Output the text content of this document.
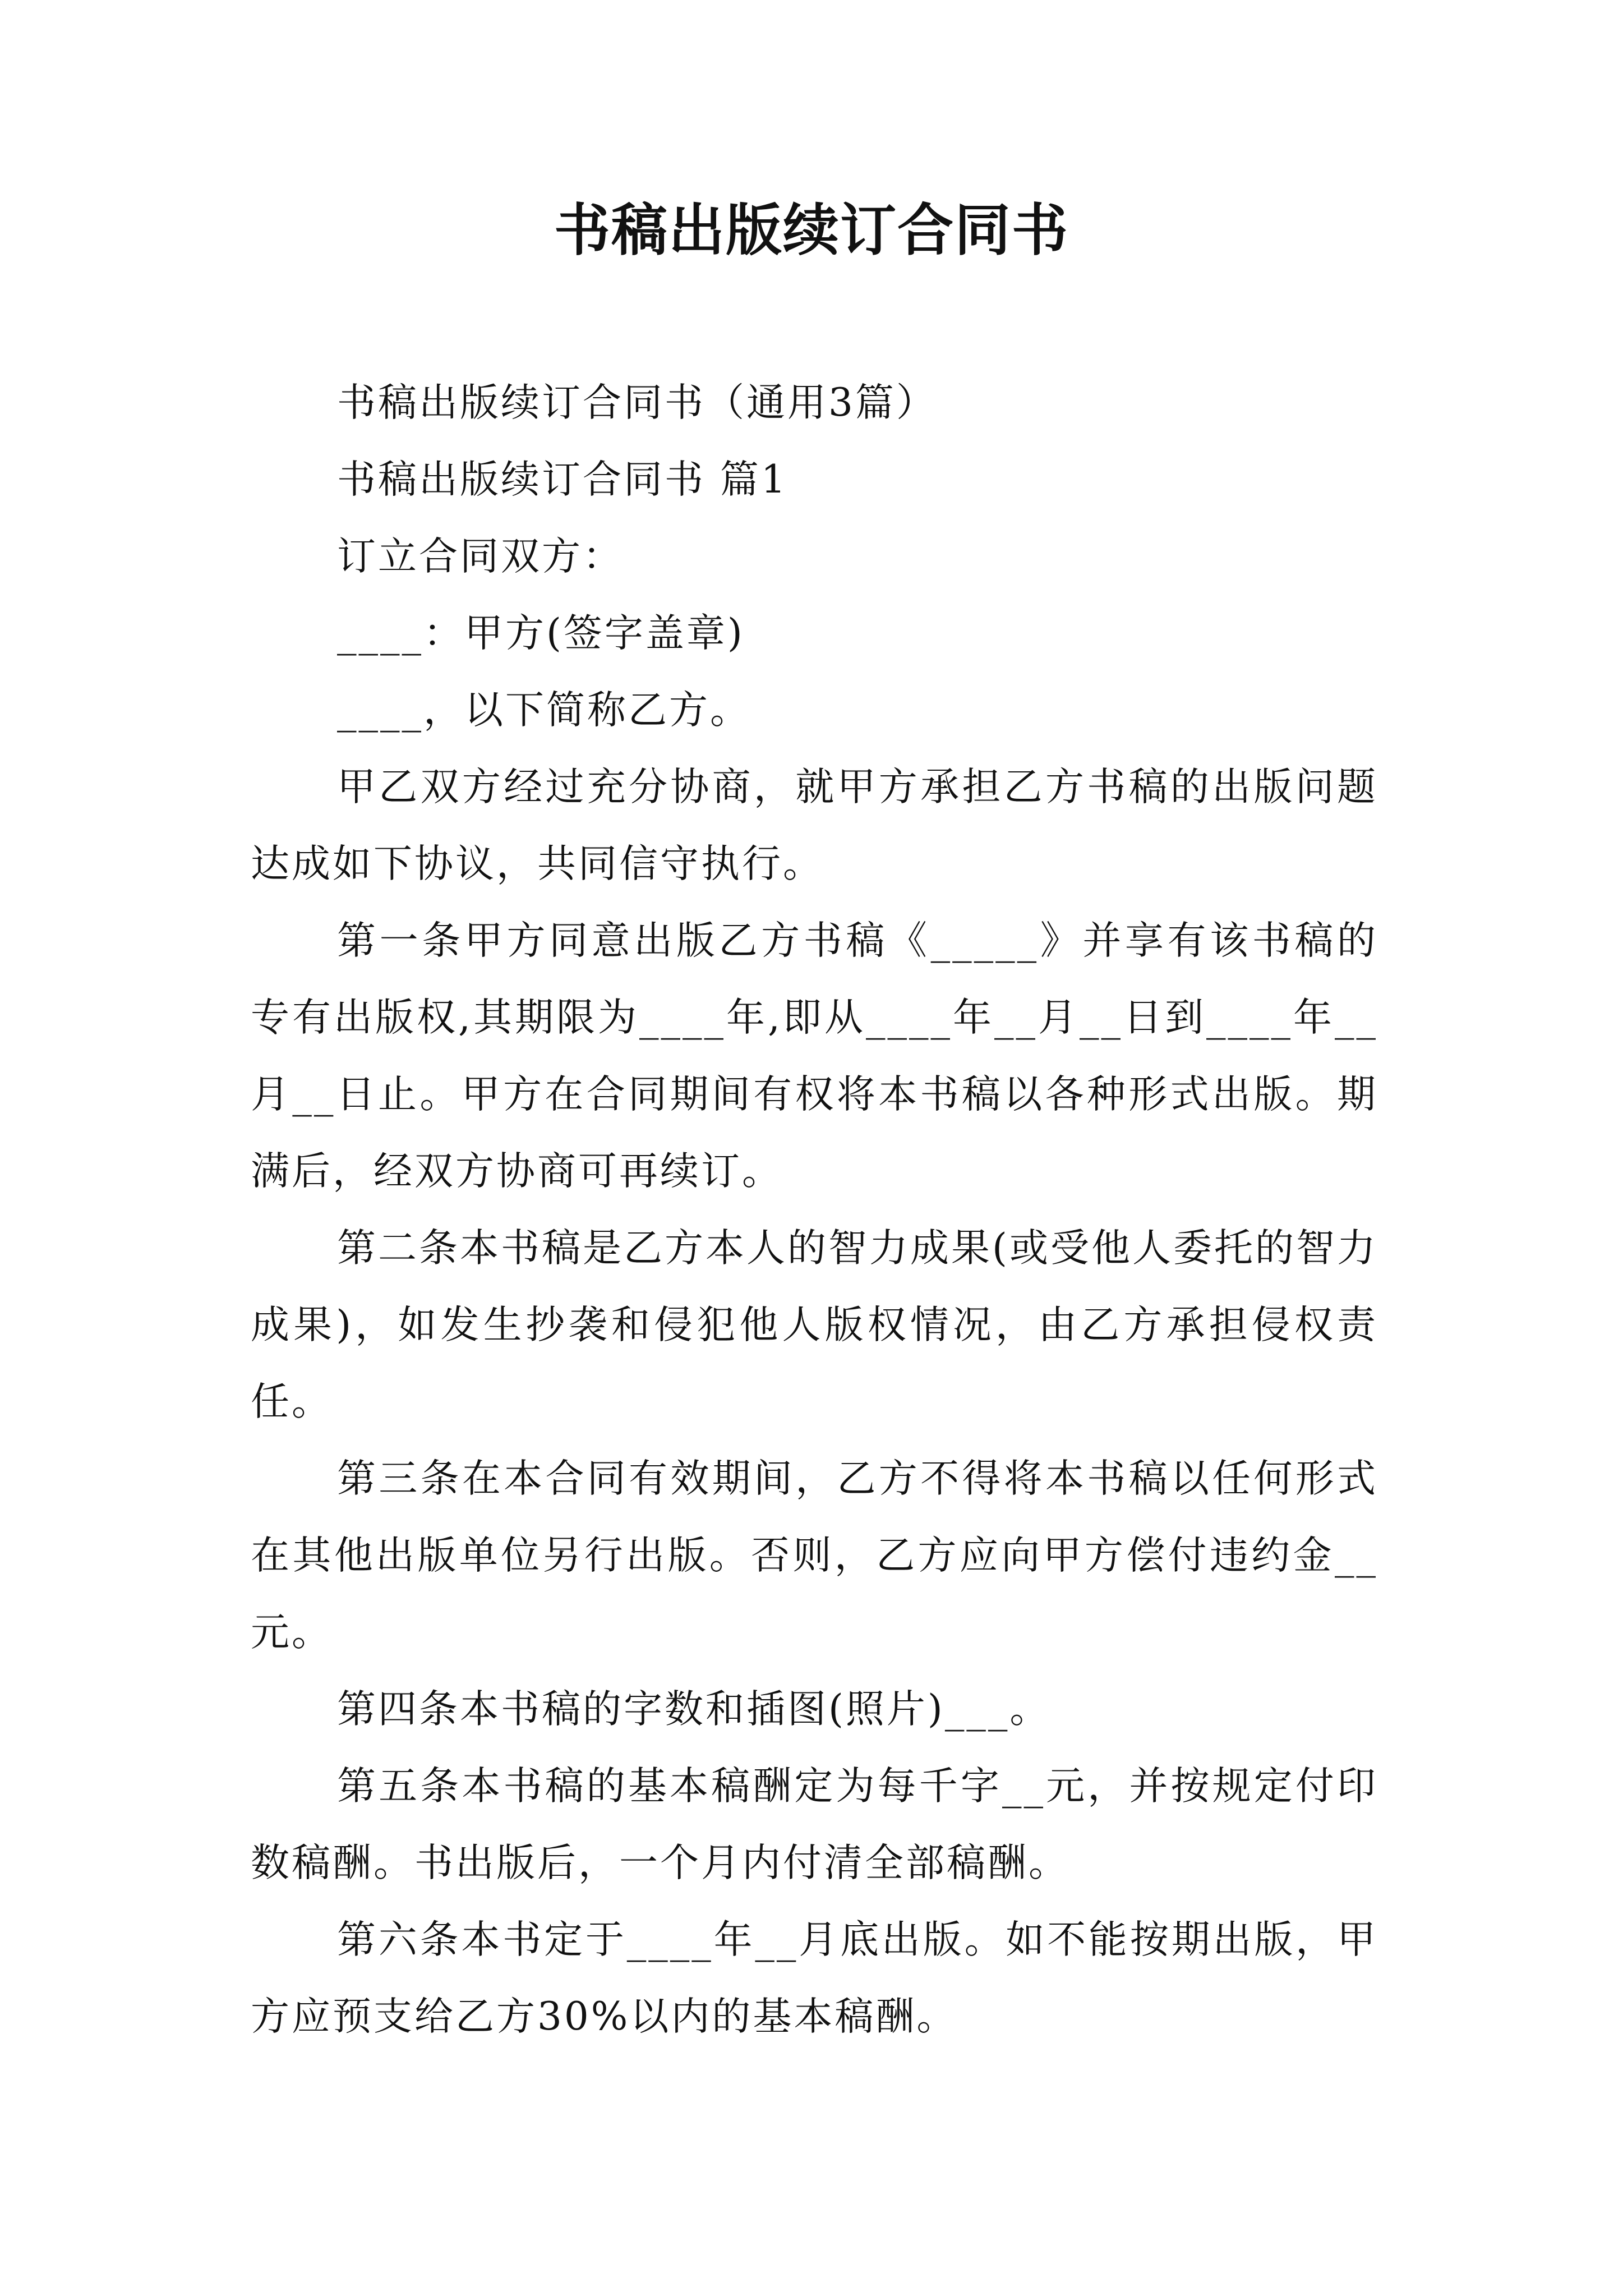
书稿出版续订合同书

书稿出版续订合同书（通用3篇）

书稿出版续订合同书 篇1

订立合同双方：

____：甲方(签字盖章)

____，以下简称乙方。

甲乙双方经过充分协商，就甲方承担乙方书稿的出版问题达成如下协议，共同信守执行。

第一条甲方同意出版乙方书稿《_____》并享有该书稿的专有出版权,其期限为____年,即从____年__月__日到____年__月__日止。甲方在合同期间有权将本书稿以各种形式出版。期满后，经双方协商可再续订。

第二条本书稿是乙方本人的智力成果(或受他人委托的智力成果)，如发生抄袭和侵犯他人版权情况，由乙方承担侵权责任。

第三条在本合同有效期间，乙方不得将本书稿以任何形式在其他出版单位另行出版。否则，乙方应向甲方偿付违约金__元。

第四条本书稿的字数和插图(照片)___。

第五条本书稿的基本稿酬定为每千字__元，并按规定付印数稿酬。书出版后，一个月内付清全部稿酬。

第六条本书定于____年__月底出版。如不能按期出版，甲方应预支给乙方30%以内的基本稿酬。
